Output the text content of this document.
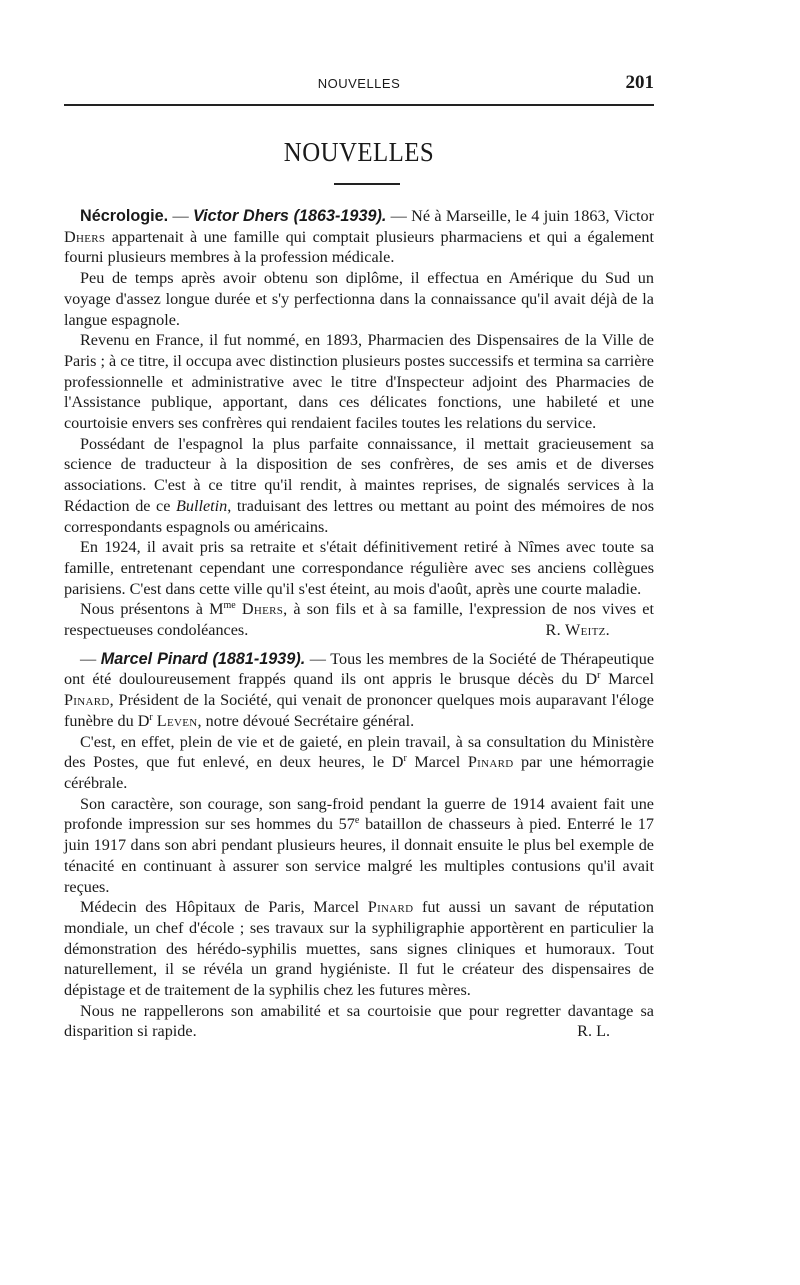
NOUVELLES	201
NOUVELLES

Nécrologie. — Victor Dhers (1863-1939). — Né à Marseille, le 4 juin 1863, Victor Dhers appartenait à une famille qui comptait plusieurs pharmaciens et qui a également fourni plusieurs membres à la profession médicale.

Peu de temps après avoir obtenu son diplôme, il effectua en Amérique du Sud un voyage d'assez longue durée et s'y perfectionna dans la connaissance qu'il avait déjà de la langue espagnole.

Revenu en France, il fut nommé, en 1893, Pharmacien des Dispensaires de la Ville de Paris ; à ce titre, il occupa avec distinction plusieurs postes successifs et termina sa carrière professionnelle et administrative avec le titre d'Inspecteur adjoint des Pharmacies de l'Assistance publique, apportant, dans ces délicates fonctions, une habileté et une courtoisie envers ses confrères qui rendaient faciles toutes les relations du service.

Possédant de l'espagnol la plus parfaite connaissance, il mettait gracieusement sa science de traducteur à la disposition de ses confrères, de ses amis et de diverses associations. C'est à ce titre qu'il rendit, à maintes reprises, de signalés services à la Rédaction de ce Bulletin, traduisant des lettres ou mettant au point des mémoires de nos correspondants espagnols ou américains.

En 1924, il avait pris sa retraite et s'était définitivement retiré à Nîmes avec toute sa famille, entretenant cependant une correspondance régulière avec ses anciens collègues parisiens. C'est dans cette ville qu'il s'est éteint, au mois d'août, après une courte maladie.

Nous présentons à $M^{me}$ Dhers, à son fils et à sa famille, l'expression de nos vives et respectueuses condoléances.	R. Weitz.

— Marcel Pinard (1881-1939). — Tous les membres de la Société de Thérapeutique ont été douloureusement frappés quand ils ont appris le brusque décès du $D^r$ Marcel Pinard, Président de la Société, qui venait de prononcer quelques mois auparavant l'éloge funèbre du $D^r$ Leven, notre dévoué Secrétaire général.

C'est, en effet, plein de vie et de gaieté, en plein travail, à sa consultation du Ministère des Postes, que fut enlevé, en deux heures, le $D^r$ Marcel Pinard par une hémorragie cérébrale.

Son caractère, son courage, son sang-froid pendant la guerre de 1914 avaient fait une profonde impression sur ses hommes du 57e bataillon de chasseurs à pied. Enterré le 17 juin 1917 dans son abri pendant plusieurs heures, il donnait ensuite le plus bel exemple de ténacité en continuant à assurer son service malgré les multiples contusions qu'il avait reçues.

Médecin des Hôpitaux de Paris, Marcel Pinard fut aussi un savant de réputation mondiale, un chef d'école ; ses travaux sur la syphiligraphie apportèrent en particulier la démonstration des hérédo-syphilis muettes, sans signes cliniques et humoraux. Tout naturellement, il se révéla un grand hygiéniste. Il fut le créateur des dispensaires de dépistage et de traitement de la syphilis chez les futures mères.

Nous ne rappellerons son amabilité et sa courtoisie que pour regretter davantage sa disparition si rapide.	R. L.
